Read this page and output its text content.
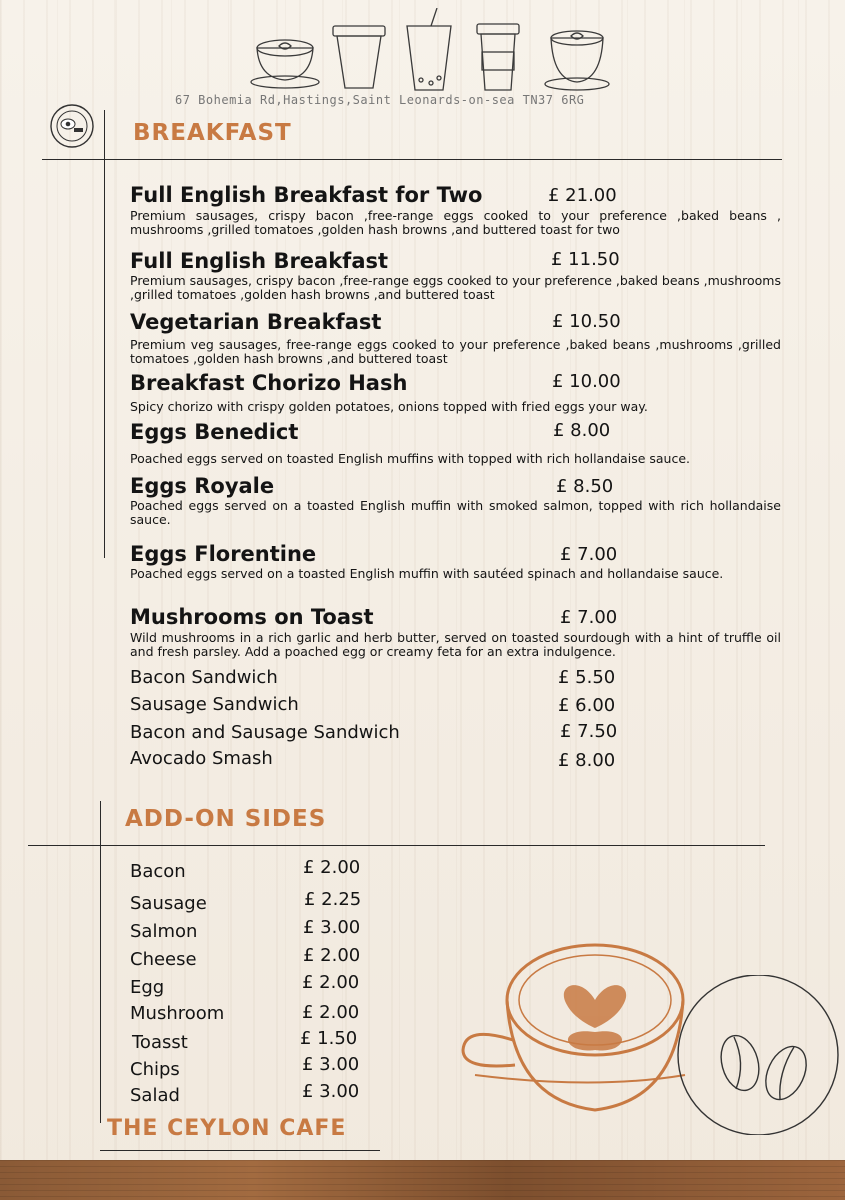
67 Bohemia Rd,Hastings,Saint Leonards-on-sea TN37 6RG
BREAKFAST
Full English Breakfast for Two	£ 21.00
Premium sausages, crispy bacon ,free-range eggs cooked to your preference ,baked beans , mushrooms ,grilled tomatoes ,golden hash browns ,and buttered toast for two
Full English Breakfast	£ 11.50
Premium sausages, crispy bacon ,free-range eggs cooked to your preference ,baked beans ,mushrooms ,grilled tomatoes ,golden hash browns ,and buttered toast
Vegetarian Breakfast	£ 10.50
Premium veg sausages, free-range eggs cooked to your preference ,baked beans ,mushrooms ,grilled tomatoes ,golden hash browns ,and buttered toast
Breakfast Chorizo Hash	£ 10.00
Spicy chorizo with crispy golden potatoes, onions topped with fried eggs your way.
Eggs Benedict	£ 8.00
Poached eggs served on toasted English muffins with topped with rich hollandaise sauce.
Eggs Royale	£ 8.50
Poached eggs served on a toasted English muffin with smoked salmon, topped with rich hollandaise sauce.
Eggs Florentine	£ 7.00
Poached eggs served on a toasted English muffin with sautéed spinach and hollandaise sauce.
Mushrooms on Toast	£ 7.00
Wild mushrooms in a rich garlic and herb butter, served on toasted sourdough with a hint of truffle oil and fresh parsley. Add a poached egg or creamy feta for an extra indulgence.
Bacon Sandwich	£ 5.50
Sausage Sandwich	£ 6.00
Bacon and Sausage Sandwich	£ 7.50
Avocado Smash	£ 8.00
ADD-ON SIDES
Bacon	£ 2.00
Sausage	£ 2.25
Salmon	£ 3.00
Cheese	£ 2.00
Egg	£ 2.00
Mushroom	£ 2.00
Toasst	£ 1.50
Chips	£ 3.00
Salad	£ 3.00
THE CEYLON CAFE
